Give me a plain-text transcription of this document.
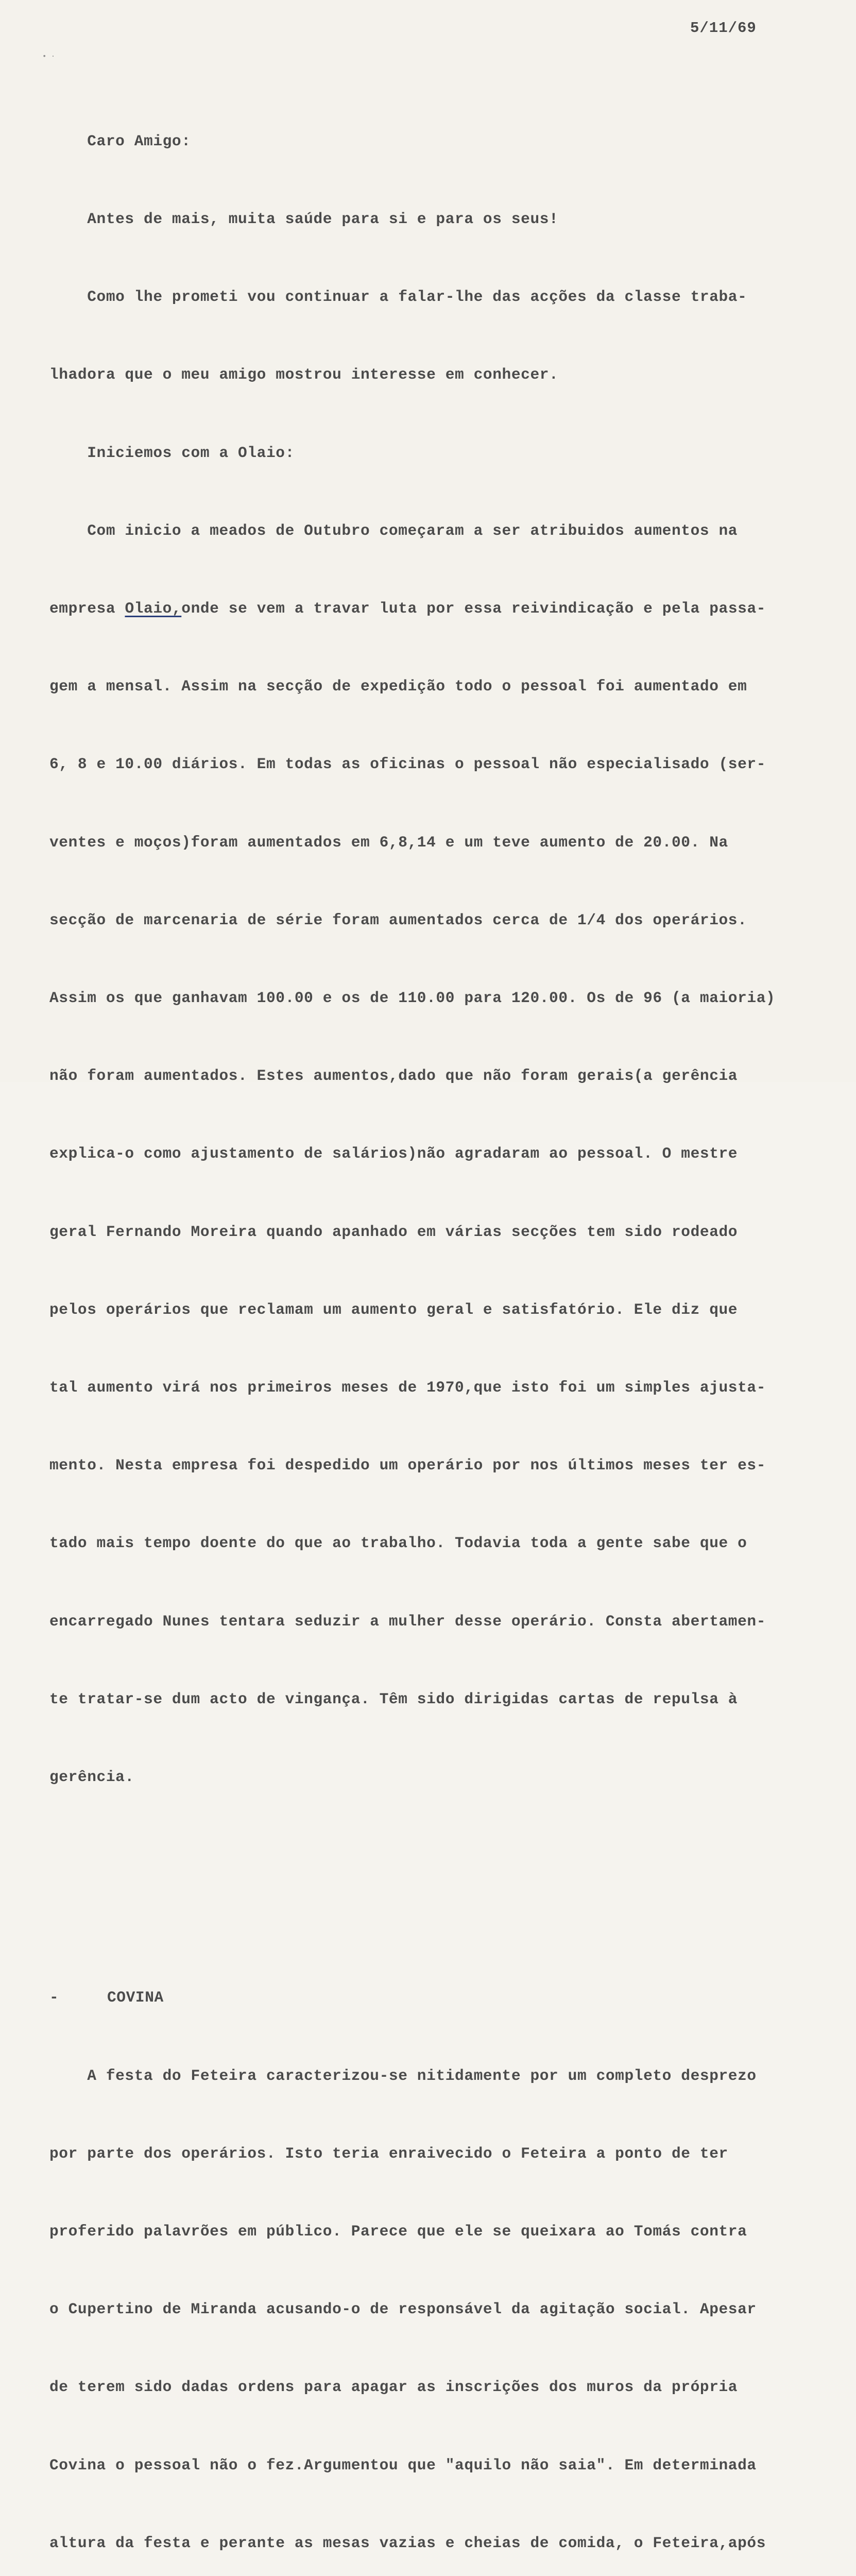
5/11/69
• ·

Caro Amigo:

Antes de mais, muita saúde para si e para os seus!

Como lhe prometi vou continuar a falar-lhe das acções da classe traba-

lhadora que o meu amigo mostrou interesse em conhecer.

Iniciemos com a Olaio:

Com inicio a meados de Outubro começaram a ser atribuidos aumentos na

empresa Olaio,onde se vem a travar luta por essa reivindicação e pela passa-

gem a mensal. Assim na secção de expedição todo o pessoal foi aumentado em

6, 8 e 10.00 diários. Em todas as oficinas o pessoal não especialisado (ser-

ventes e moços)foram aumentados em 6,8,14 e um teve aumento de 20.00. Na

secção de marcenaria de série foram aumentados cerca de 1/4 dos operários.

Assim os que ganhavam 100.00 e os de 110.00 para 120.00. Os de 96 (a maioria)

não foram aumentados. Estes aumentos,dado que não foram gerais(a gerência

explica-o como ajustamento de salários)não agradaram ao pessoal. O mestre

geral Fernando Moreira quando apanhado em várias secções tem sido rodeado

pelos operários que reclamam um aumento geral e satisfatório. Ele diz que

tal aumento virá nos primeiros meses de 1970,que isto foi um simples ajusta-

mento. Nesta empresa foi despedido um operário por nos últimos meses ter es-

tado mais tempo doente do que ao trabalho. Todavia toda a gente sabe que o

encarregado Nunes tentara seduzir a mulher desse operário. Consta abertamen-

te tratar-se dum acto de vingança. Têm sido dirigidas cartas de repulsa à

gerência.

-	COVINA

A festa do Feteira caracterizou-se nitidamente por um completo desprezo

por parte dos operários. Isto teria enraivecido o Feteira a ponto de ter

proferido palavrões em público. Parece que ele se queixara ao Tomás contra

o Cupertino de Miranda acusando-o de responsável da agitação social. Apesar

de terem sido dadas ordens para apagar as inscrições dos muros da própria

Covina o pessoal não o fez.Argumentou que "aquilo não saia". Em determinada

altura da festa e perante as mesas vazias e cheias de comida, o Feteira,após
